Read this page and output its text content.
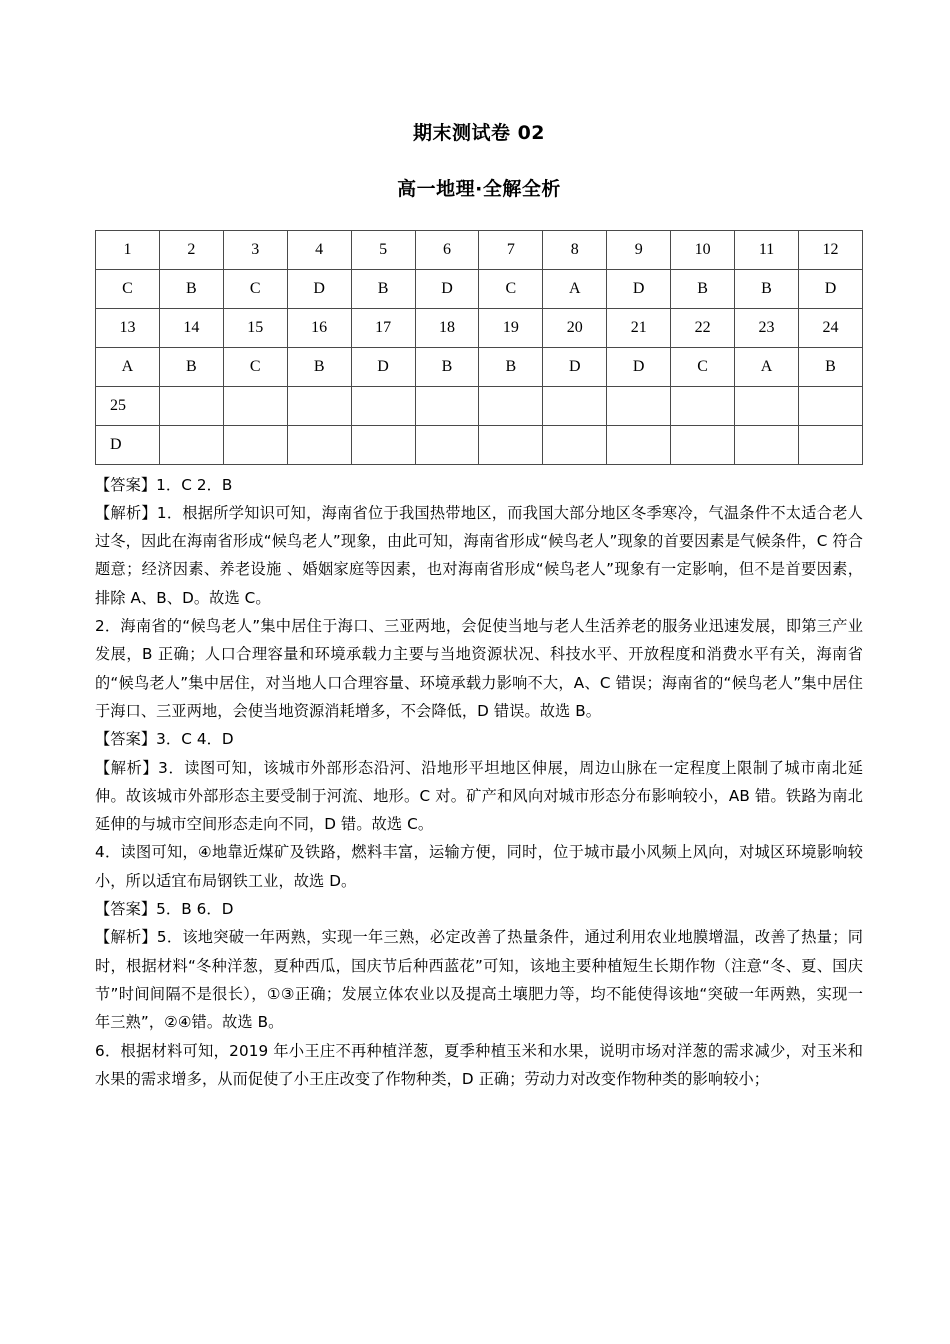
期末测试卷 02
高一地理·全解全析
1	2	3	4	5	6	7	8	9	10	11	12
C	B	C	D	B	D	C	A	D	B	B	D
13	14	15	16	17	18	19	20	21	22	23	24
A	B	C	B	D	B	B	D	D	C	A	B
25											
D											

【答案】1．C 2．B

【解析】1．根据所学知识可知，海南省位于我国热带地区，而我国大部分地区冬季寒冷，气温条件不太适合老人过冬，因此在海南省形成“候鸟老人”现象，由此可知，海南省形成“候鸟老人”现象的首要因素是气候条件，C 符合题意；经济因素、养老设施 、婚姻家庭等因素，也对海南省形成“候鸟老人”现象有一定影响，但不是首要因素，排除 A、B、D。故选 C。

2．海南省的“候鸟老人”集中居住于海口、三亚两地，会促使当地与老人生活养老的服务业迅速发展，即第三产业发展，B 正确；人口合理容量和环境承载力主要与当地资源状况、科技水平、开放程度和消费水平有关，海南省的“候鸟老人”集中居住，对当地人口合理容量、环境承载力影响不大，A、C 错误；海南省的“候鸟老人”集中居住于海口、三亚两地，会使当地资源消耗增多，不会降低，D 错误。故选 B。

【答案】3．C 4．D

【解析】3．读图可知，该城市外部形态沿河、沿地形平坦地区伸展，周边山脉在一定程度上限制了城市南北延伸。故该城市外部形态主要受制于河流、地形。C 对。矿产和风向对城市形态分布影响较小，AB 错。铁路为南北延伸的与城市空间形态走向不同，D 错。故选 C。

4．读图可知，④地靠近煤矿及铁路，燃料丰富，运输方便，同时，位于城市最小风频上风向，对城区环境影响较小，所以适宜布局钢铁工业，故选 D。

【答案】5．B 6．D

【解析】5．该地突破一年两熟，实现一年三熟，必定改善了热量条件，通过利用农业地膜增温，改善了热量；同时，根据材料“冬种洋葱，夏种西瓜，国庆节后种西蓝花”可知，该地主要种植短生长期作物（注意“冬、夏、国庆节”时间间隔不是很长），①③正确；发展立体农业以及提高土壤肥力等，均不能使得该地“突破一年两熟，实现一年三熟”，②④错。故选 B。

6．根据材料可知，2019 年小王庄不再种植洋葱，夏季种植玉米和水果，说明市场对洋葱的需求减少，对玉米和水果的需求增多，从而促使了小王庄改变了作物种类，D 正确；劳动力对改变作物种类的影响较小；
